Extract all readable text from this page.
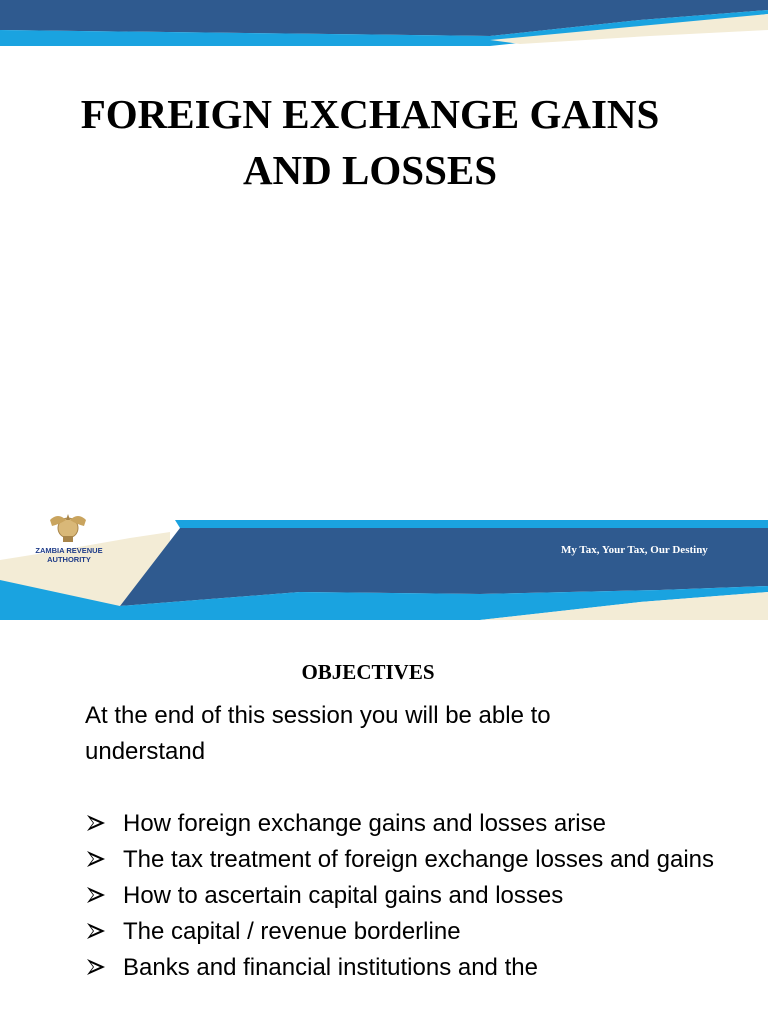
FOREIGN EXCHANGE GAINS
AND LOSSES
ZAMBIA REVENUE
AUTHORITY
My Tax, Your Tax, Our Destiny
OBJECTIVES
At the end of this session you will be able to understand
How foreign exchange gains and losses arise
The tax treatment of foreign exchange losses and gains
How to ascertain capital gains and losses
The capital / revenue borderline
Banks and financial institutions and the
